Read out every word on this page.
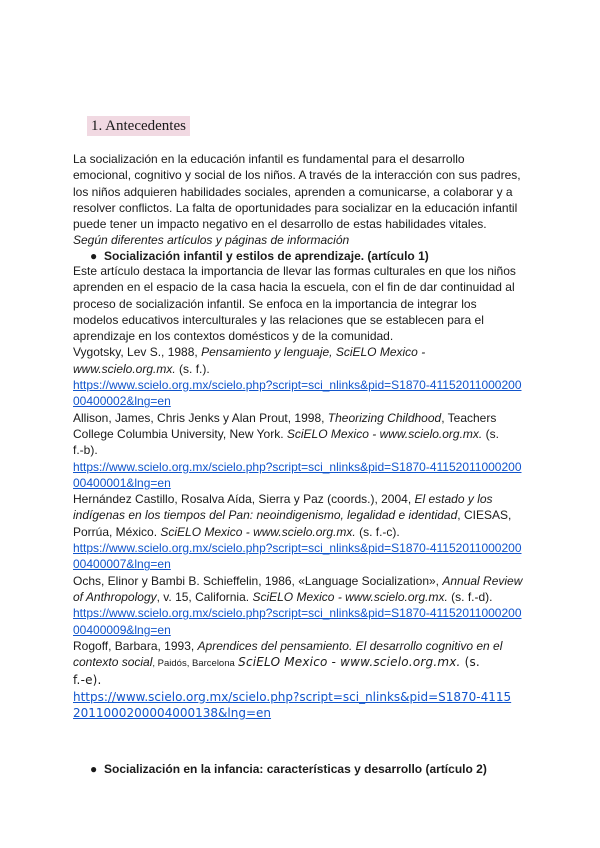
1. Antecedentes
La socialización en la educación infantil es fundamental para el desarrollo
emocional, cognitivo y social de los niños. A través de la interacción con sus padres,
los niños adquieren habilidades sociales, aprenden a comunicarse, a colaborar y a
resolver conflictos. La falta de oportunidades para socializar en la educación infantil
puede tener un impacto negativo en el desarrollo de estas habilidades vitales.
Según diferentes artículos y páginas de información
● Socialización infantil y estilos de aprendizaje. (artículo 1)
Este artículo destaca la importancia de llevar las formas culturales en que los niños
aprenden en el espacio de la casa hacia la escuela, con el fin de dar continuidad al
proceso de socialización infantil. Se enfoca en la importancia de integrar los
modelos educativos interculturales y las relaciones que se establecen para el
aprendizaje en los contextos domésticos y de la comunidad.
Vygotsky, Lev S., 1988, Pensamiento y lenguaje, SciELO Mexico -
www.scielo.org.mx. (s. f.).
https://www.scielo.org.mx/scielo.php?script=sci_nlinks&pid=S1870-41152011000200
00400002&lng=en
Allison, James, Chris Jenks y Alan Prout, 1998, Theorizing Childhood, Teachers
College Columbia University, New York. SciELO Mexico - www.scielo.org.mx. (s.
f.-b).
https://www.scielo.org.mx/scielo.php?script=sci_nlinks&pid=S1870-41152011000200
00400001&lng=en
Hernández Castillo, Rosalva Aída, Sierra y Paz (coords.), 2004, El estado y los
indígenas en los tiempos del Pan: neoindigenismo, legalidad e identidad, CIESAS,
Porrúa, México. SciELO Mexico - www.scielo.org.mx. (s. f.-c).
https://www.scielo.org.mx/scielo.php?script=sci_nlinks&pid=S1870-41152011000200
00400007&lng=en
Ochs, Elinor y Bambi B. Schieffelin, 1986, «Language Socialization», Annual Review
of Anthropology, v. 15, California. SciELO Mexico - www.scielo.org.mx. (s. f.-d).
https://www.scielo.org.mx/scielo.php?script=sci_nlinks&pid=S1870-41152011000200
00400009&lng=en
Rogoff, Barbara, 1993, Aprendices del pensamiento. El desarrollo cognitivo en el
contexto social, Paidós, Barcelona SciELO Mexico - www.scielo.org.mx. (s.
f.-e).
https://www.scielo.org.mx/scielo.php?script=sci_nlinks&pid=S1870-4115
2011000200004000138&lng=en
● Socialización en la infancia: características y desarrollo (artículo 2)
